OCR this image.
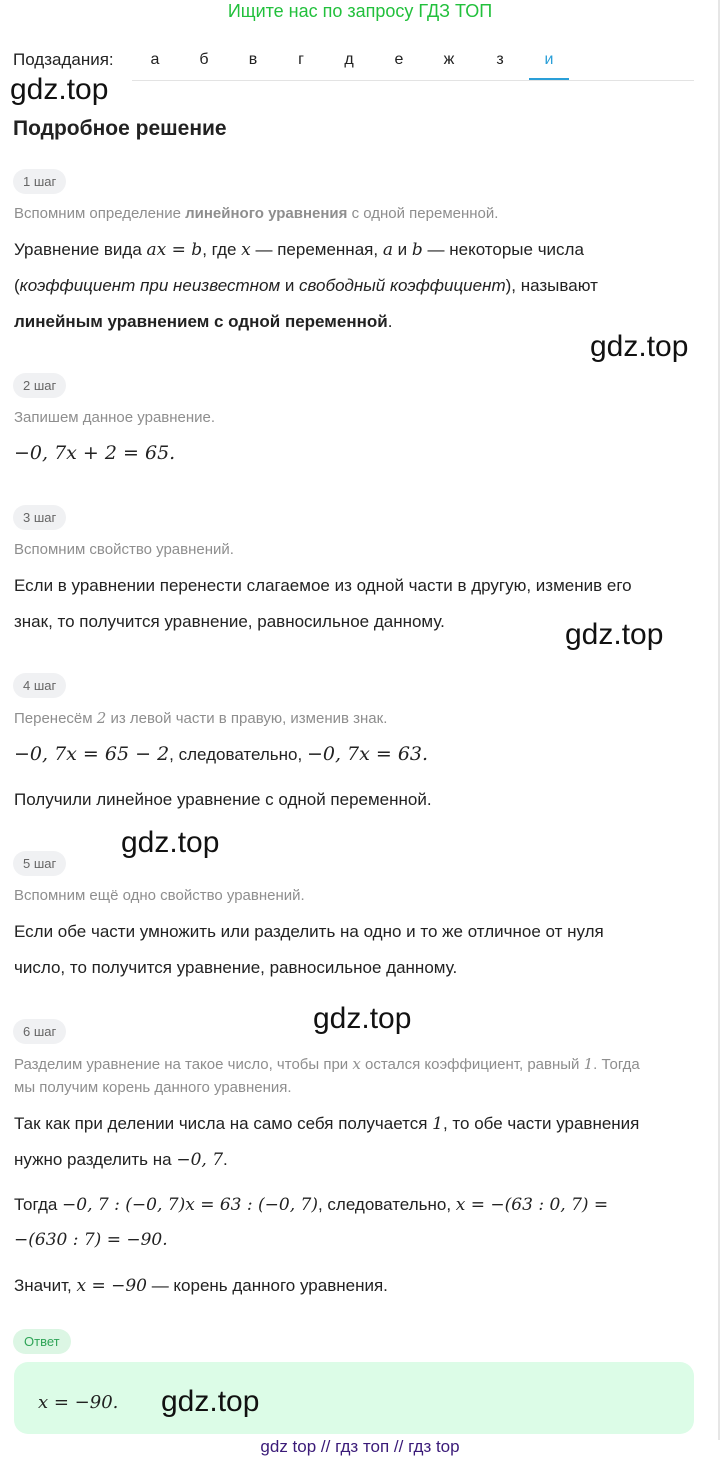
Ищите нас по запросу ГДЗ ТОП
Подзадания:	а	б	в	г	д	е	ж	з	и
gdz.top
Подробное решение
1 шаг
Вспомним определение линейного уравнения с одной переменной.
Уравнение вида ax = b, где x — переменная, a и b — некоторые числа
(коэффициент при неизвестном и свободный коэффициент), называют
линейным уравнением с одной переменной.
gdz.top
2 шаг
Запишем данное уравнение.
−0, 7x + 2 = 65.
3 шаг
Вспомним свойство уравнений.
Если в уравнении перенести слагаемое из одной части в другую, изменив его
знак, то получится уравнение, равносильное данному.	gdz.top
4 шаг
Перенесём 2 из левой части в правую, изменив знак.
−0, 7x = 65 − 2, следовательно, −0, 7x = 63.
Получили линейное уравнение с одной переменной.
gdz.top
5 шаг
Вспомним ещё одно свойство уравнений.
Если обе части умножить или разделить на одно и то же отличное от нуля
число, то получится уравнение, равносильное данному.
gdz.top
6 шаг
Разделим уравнение на такое число, чтобы при x остался коэффициент, равный 1. Тогда
мы получим корень данного уравнения.
Так как при делении числа на само себя получается 1, то обе части уравнения
нужно разделить на −0, 7.
Тогда −0, 7 : (−0, 7)x = 63 : (−0, 7), следовательно, x = −(63 : 0, 7) =
−(630 : 7) = −90.
Значит, x = −90 — корень данного уравнения.
Ответ
x = −90. gdz.top
gdz top // гдз топ // гдз top
